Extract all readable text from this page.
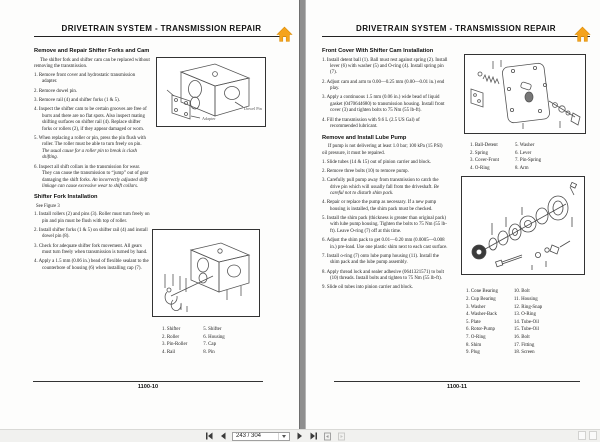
DRIVETRAIN SYSTEM - TRANSMISSION REPAIR
Remove and Repair Shifter Forks and Cam
The shifter fork and shifter cam can be replaced without removing the transmission.
1. Remove front cover and hydrostatic transmission adapter.
2. Remove dowel pin.
3. Remove rail (4) and shifter forks (1 & 5).
4. Inspect the shifter cam to be certain grooves are free of burrs and there are no flat spots. Also inspect mating shifting surfaces on shifter rail (4). Replace shifter forks or rollers (2), if they appear damaged or worn.
5. When replacing a roller or pin, press the pin flush with roller. The roller must be able to turn freely on pin. The usual cause for a roller pin to break is clash shifting.
6. Inspect all shift collars in the transmission for wear. They can cause the transmission to “jump” out of gear damaging the shift forks. An incorrectly adjusted shift linkage can cause excessive wear to shift collars.
Shifter Fork Installation
See Figure 3
1. Install rollers (2) and pins (3). Roller must turn freely on pin and pin must be flush with top of roller.
2. Install shifter forks (1 & 5) on shifter rail (4) and install dowel pin (8).
3. Check for adequate shifter fork movement. All gears must turn freely when transmission is turned by hand.
4. Apply a 1.5 mm (0.06 in.) bead of flexible sealant to the counterbore of housing (6) when installing cap (7).
Dowel Pin
Adapter

1. Shifter
2. Roller
3. Pin-Roller
4. Rail
5. Shifter
6. Housing
7. Cap
8. Pin
1100-10
DRIVETRAIN SYSTEM - TRANSMISSION REPAIR
Front Cover With Shifter Cam Installation
1. Install detent ball (1). Ball must rest against spring (2). Install lever (6) with washer (5) and O-ring (4). Install spring pin (7).
2. Adjust cam and arm to 0.00—0.25 mm (0.00—0.01 in.) end play.
3. Apply a continuous 1.5 mm (0.06 in.) wide bead of liquid gasket (0470644680) to transmission housing. Install front cover (3) and tighten bolts to 75 Nm (55 lb-ft).
4. Fill the transmission with 9.6 L (2.5 US Gal) of recommended lubricant.
Remove and Install Lube Pump
If pump is not delivering at least 1.0 bar; 100 kPa (15 PSI) oil pressure, it must be repaired.
1. Slide tubes (14 & 15) out of pinion carrier and block.
2. Remove three bolts (10) to remove pump.
3. Carefully pull pump away from transmission to catch the drive pin which will usually fall from the driveshaft. Be careful not to disturb shim pack.
4. Repair or replace the pump as necessary. If a new pump housing is installed, the shim pack must be checked.
5. Install the shim pack (thickness is greater than original pack) with lube pump housing. Tighten the bolts to 75 Nm (55 lb-ft). Leave O-ring (7) off at this time.
6. Adjust the shim pack to get 0.01—0.20 mm (0.0005—0.008 in.) pre-load. Use one plastic shim next to each cast surface.
7. Install o-ring (7) onto lube pump housing (11). Install the shim pack and the lube pump assembly.
8. Apply thread lock and sealer adhesive (0641321571) to bolt (10) threads. Install bolts and tighten to 75 Nm (55 lb-ft).
9. Slide oil tubes into pinion carrier and block.
1. Ball-Detent
2. Spring
3. Cover-Front
4. O-Ring
5. Washer
6. Lever
7. Pin-Spring
8. Arm
1. Cone Bearing
2. Cup Bearing
3. Washer
4. Washer-Back
5. Plate
6. Rotor-Pump
7. O-Ring
8. Shim
9. Plug
10. Bolt
11. Housing
12. Ring-Snap
13. O-Ring
14. Tube-Oil
15. Tube-Oil
16. Bolt
17. Fitting
18. Screen
1100-11
243 / 304
